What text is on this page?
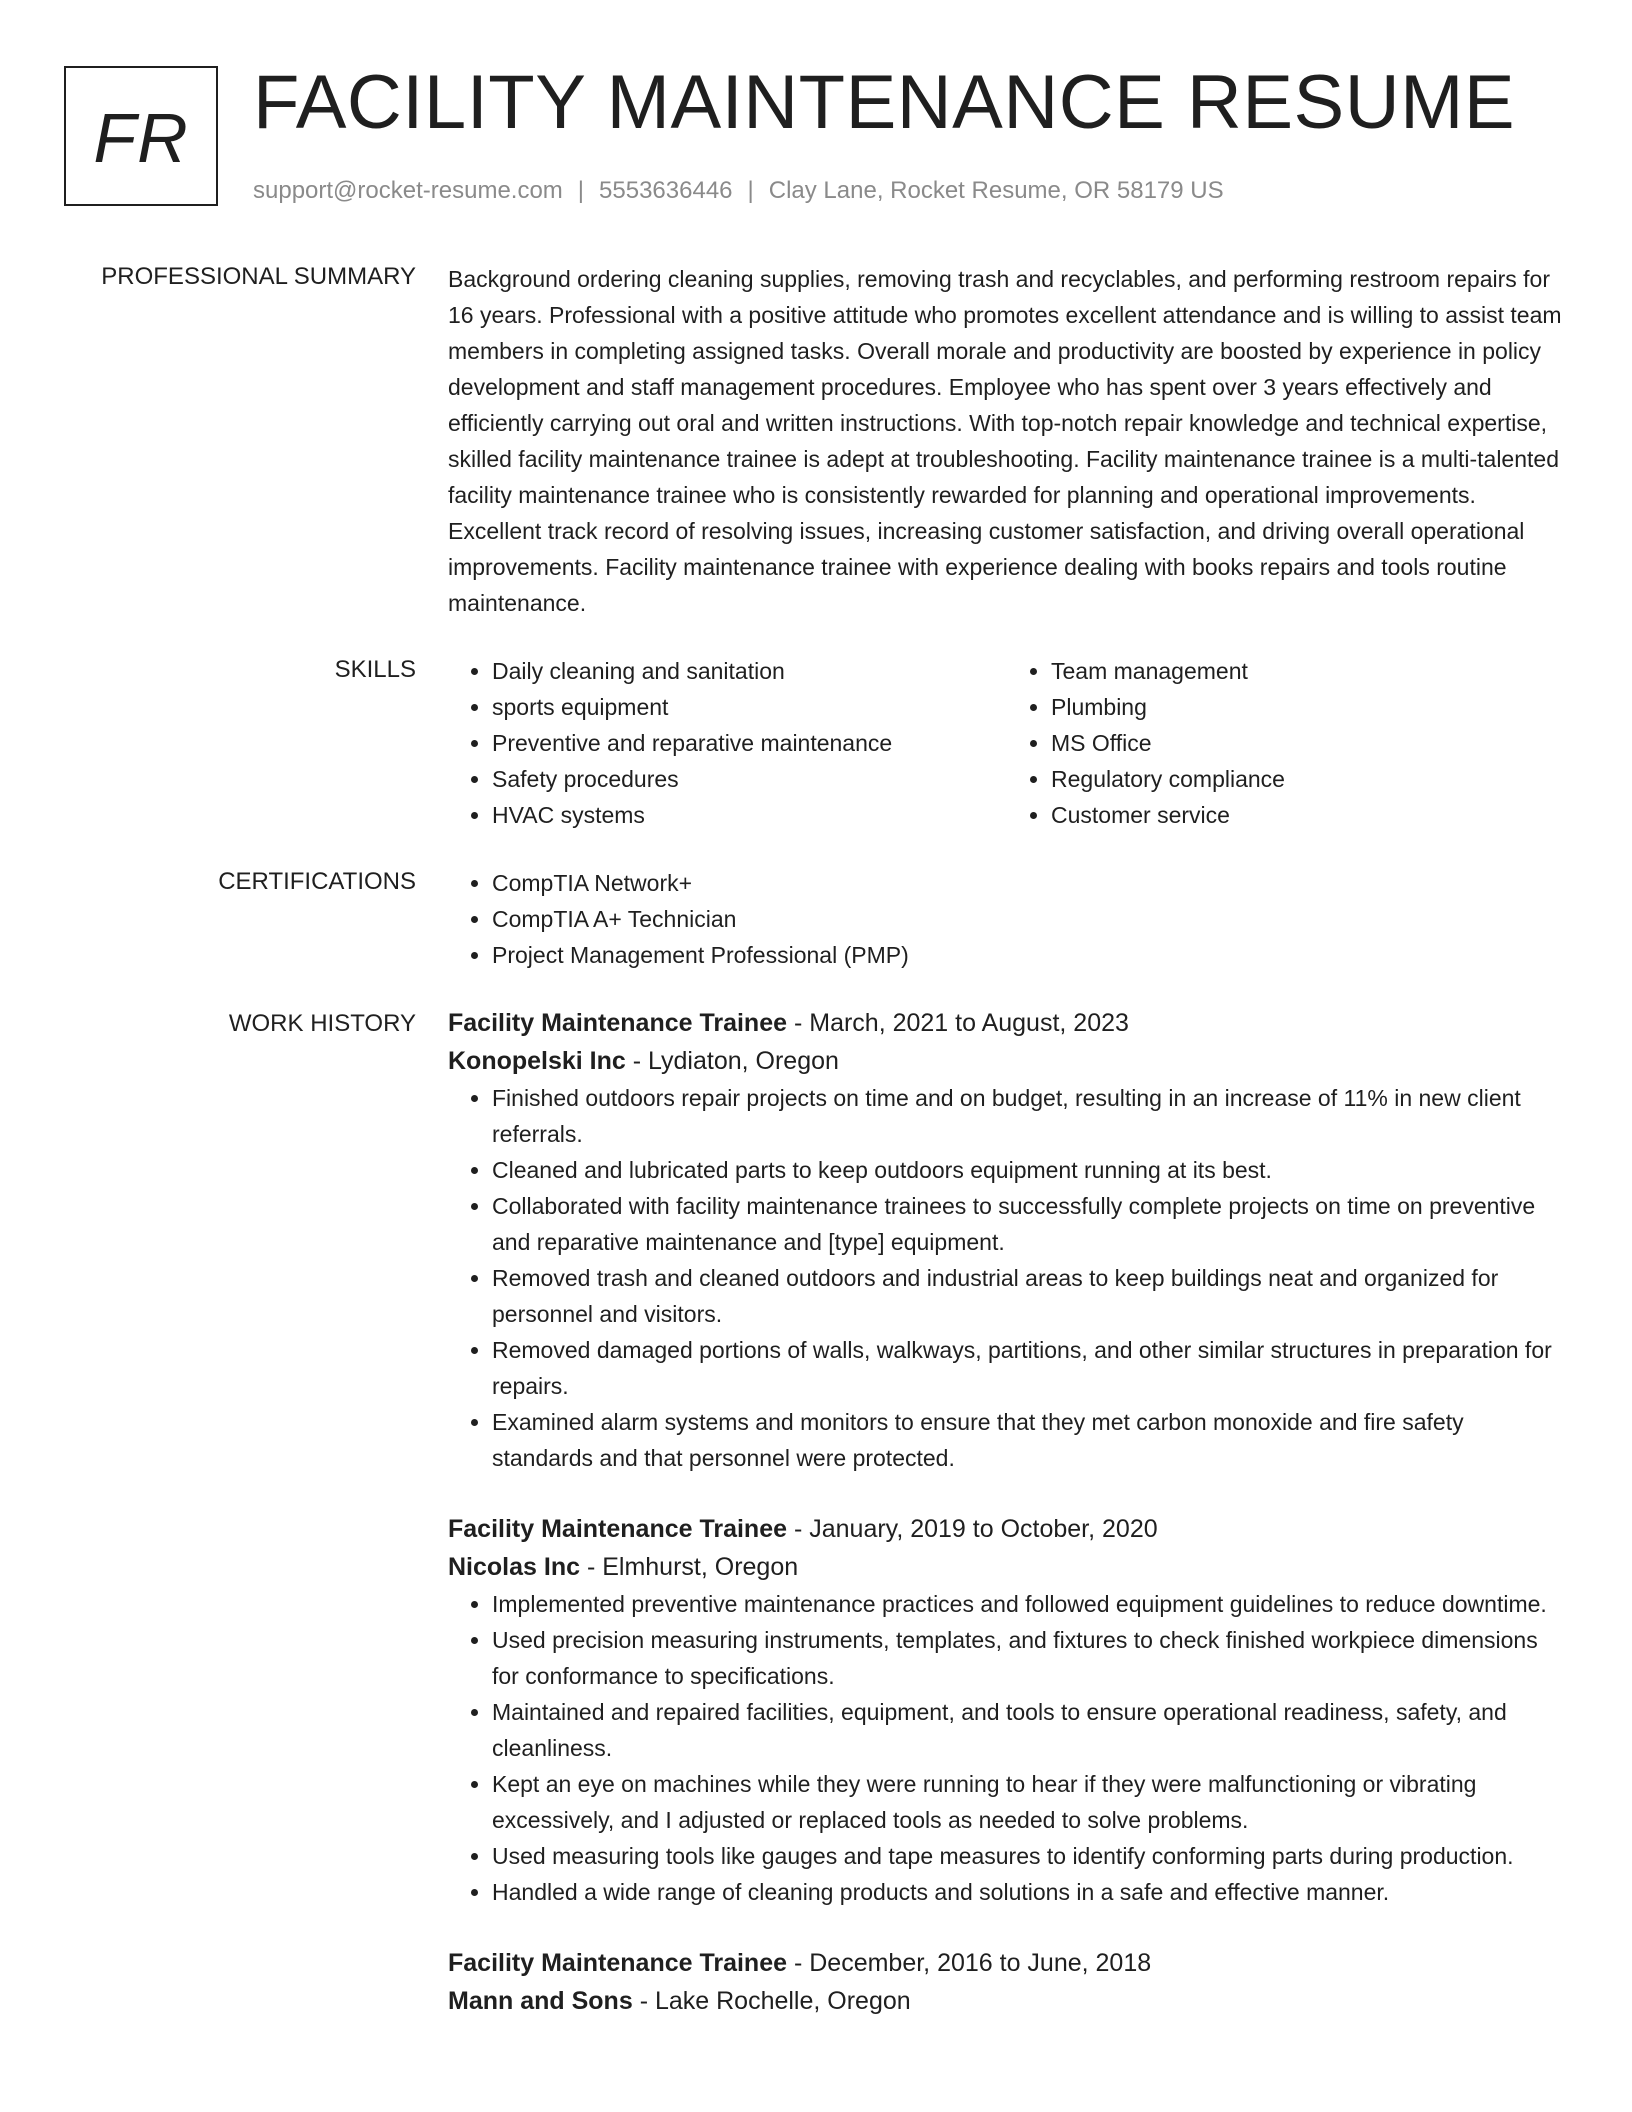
FR FACILITY MAINTENANCE RESUME
support@rocket-resume.com | 5553636446 | Clay Lane, Rocket Resume, OR 58179 US
PROFESSIONAL SUMMARY Background ordering cleaning supplies, removing trash and recyclables, and performing restroom repairs for 16 years. Professional with a positive attitude who promotes excellent attendance and is willing to assist team members in completing assigned tasks. Overall morale and productivity are boosted by experience in policy development and staff management procedures. Employee who has spent over 3 years effectively and efficiently carrying out oral and written instructions. With top-notch repair knowledge and technical expertise, skilled facility maintenance trainee is adept at troubleshooting. Facility maintenance trainee is a multi-talented facility maintenance trainee who is consistently rewarded for planning and operational improvements. Excellent track record of resolving issues, increasing customer satisfaction, and driving overall operational improvements. Facility maintenance trainee with experience dealing with books repairs and tools routine maintenance.

SKILLS	• Daily cleaning and sanitation
• sports equipment
• Preventive and reparative maintenance
• Safety procedures
• HVAC systems
• Team management
• Plumbing
• MS Office
• Regulatory compliance
• Customer service
CERTIFICATIONS	• CompTIA Network+
• CompTIA A+ Technician
• Project Management Professional (PMP)
WORK HISTORY Facility Maintenance Trainee - March, 2021 to August, 2023
Konopelski Inc - Lydiaton, Oregon
• Finished outdoors repair projects on time and on budget, resulting in an increase of 11% in new client referrals.
• Cleaned and lubricated parts to keep outdoors equipment running at its best.
• Collaborated with facility maintenance trainees to successfully complete projects on time on preventive and reparative maintenance and [type] equipment.
• Removed trash and cleaned outdoors and industrial areas to keep buildings neat and organized for personnel and visitors.
• Removed damaged portions of walls, walkways, partitions, and other similar structures in preparation for repairs.
• Examined alarm systems and monitors to ensure that they met carbon monoxide and fire safety standards and that personnel were protected.
Facility Maintenance Trainee - January, 2019 to October, 2020
Nicolas Inc - Elmhurst, Oregon
• Implemented preventive maintenance practices and followed equipment guidelines to reduce downtime.
• Used precision measuring instruments, templates, and fixtures to check finished workpiece dimensions for conformance to specifications.
• Maintained and repaired facilities, equipment, and tools to ensure operational readiness, safety, and cleanliness.
• Kept an eye on machines while they were running to hear if they were malfunctioning or vibrating excessively, and I adjusted or replaced tools as needed to solve problems.
• Used measuring tools like gauges and tape measures to identify conforming parts during production.
• Handled a wide range of cleaning products and solutions in a safe and effective manner.
Facility Maintenance Trainee - December, 2016 to June, 2018
Mann and Sons - Lake Rochelle, Oregon
